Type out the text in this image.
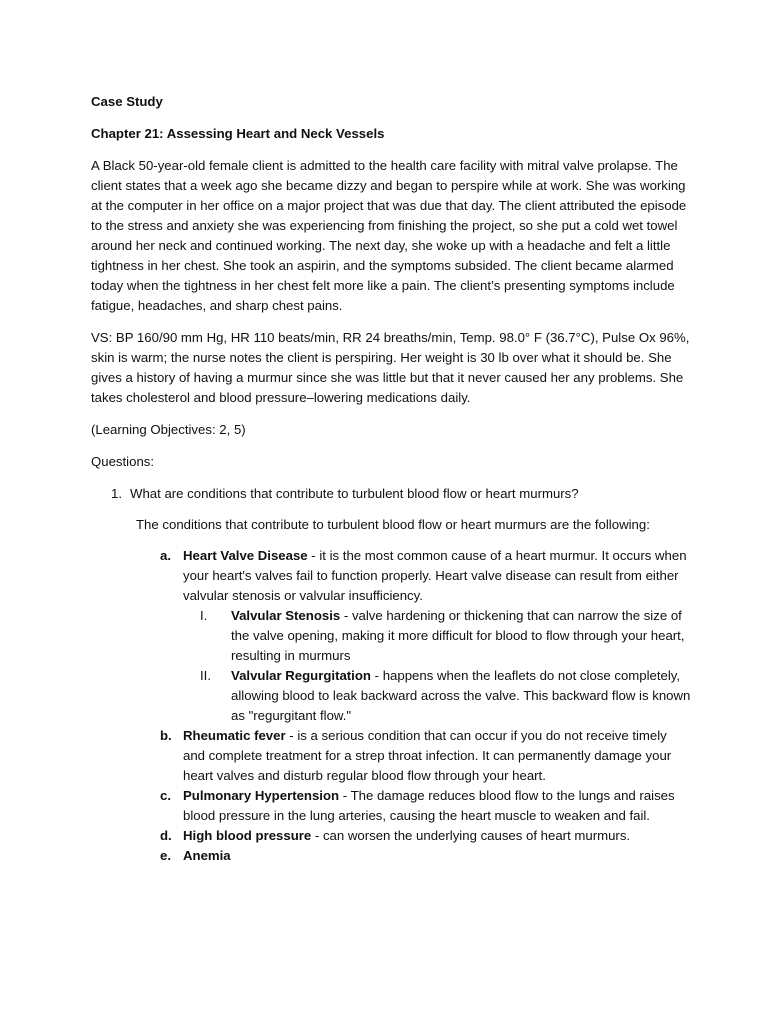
Case Study

Chapter 21: Assessing Heart and Neck Vessels

A Black 50-year-old female client is admitted to the health care facility with mitral valve prolapse. The client states that a week ago she became dizzy and began to perspire while at work. She was working at the computer in her office on a major project that was due that day. The client attributed the episode to the stress and anxiety she was experiencing from finishing the project, so she put a cold wet towel around her neck and continued working. The next day, she woke up with a headache and felt a little tightness in her chest. She took an aspirin, and the symptoms subsided. The client became alarmed today when the tightness in her chest felt more like a pain. The client’s presenting symptoms include fatigue, headaches, and sharp chest pains.

VS: BP 160/90 mm Hg, HR 110 beats/min, RR 24 breaths/min, Temp. 98.0° F (36.7°C), Pulse Ox 96%, skin is warm; the nurse notes the client is perspiring. Her weight is 30 lb over what it should be. She gives a history of having a murmur since she was little but that it never caused her any problems. She takes cholesterol and blood pressure–lowering medications daily.

(Learning Objectives: 2, 5)

Questions:

1. What are conditions that contribute to turbulent blood flow or heart murmurs?

The conditions that contribute to turbulent blood flow or heart murmurs are the following:

a. Heart Valve Disease - it is the most common cause of a heart murmur. It occurs when your heart's valves fail to function properly. Heart valve disease can result from either valvular stenosis or valvular insufficiency.
I. Valvular Stenosis - valve hardening or thickening that can narrow the size of the valve opening, making it more difficult for blood to flow through your heart, resulting in murmurs
II. Valvular Regurgitation - happens when the leaflets do not close completely, allowing blood to leak backward across the valve. This backward flow is known as "regurgitant flow."
b. Rheumatic fever - is a serious condition that can occur if you do not receive timely and complete treatment for a strep throat infection. It can permanently damage your heart valves and disturb regular blood flow through your heart.
c. Pulmonary Hypertension - The damage reduces blood flow to the lungs and raises blood pressure in the lung arteries, causing the heart muscle to weaken and fail.
d. High blood pressure - can worsen the underlying causes of heart murmurs.
e. Anemia
